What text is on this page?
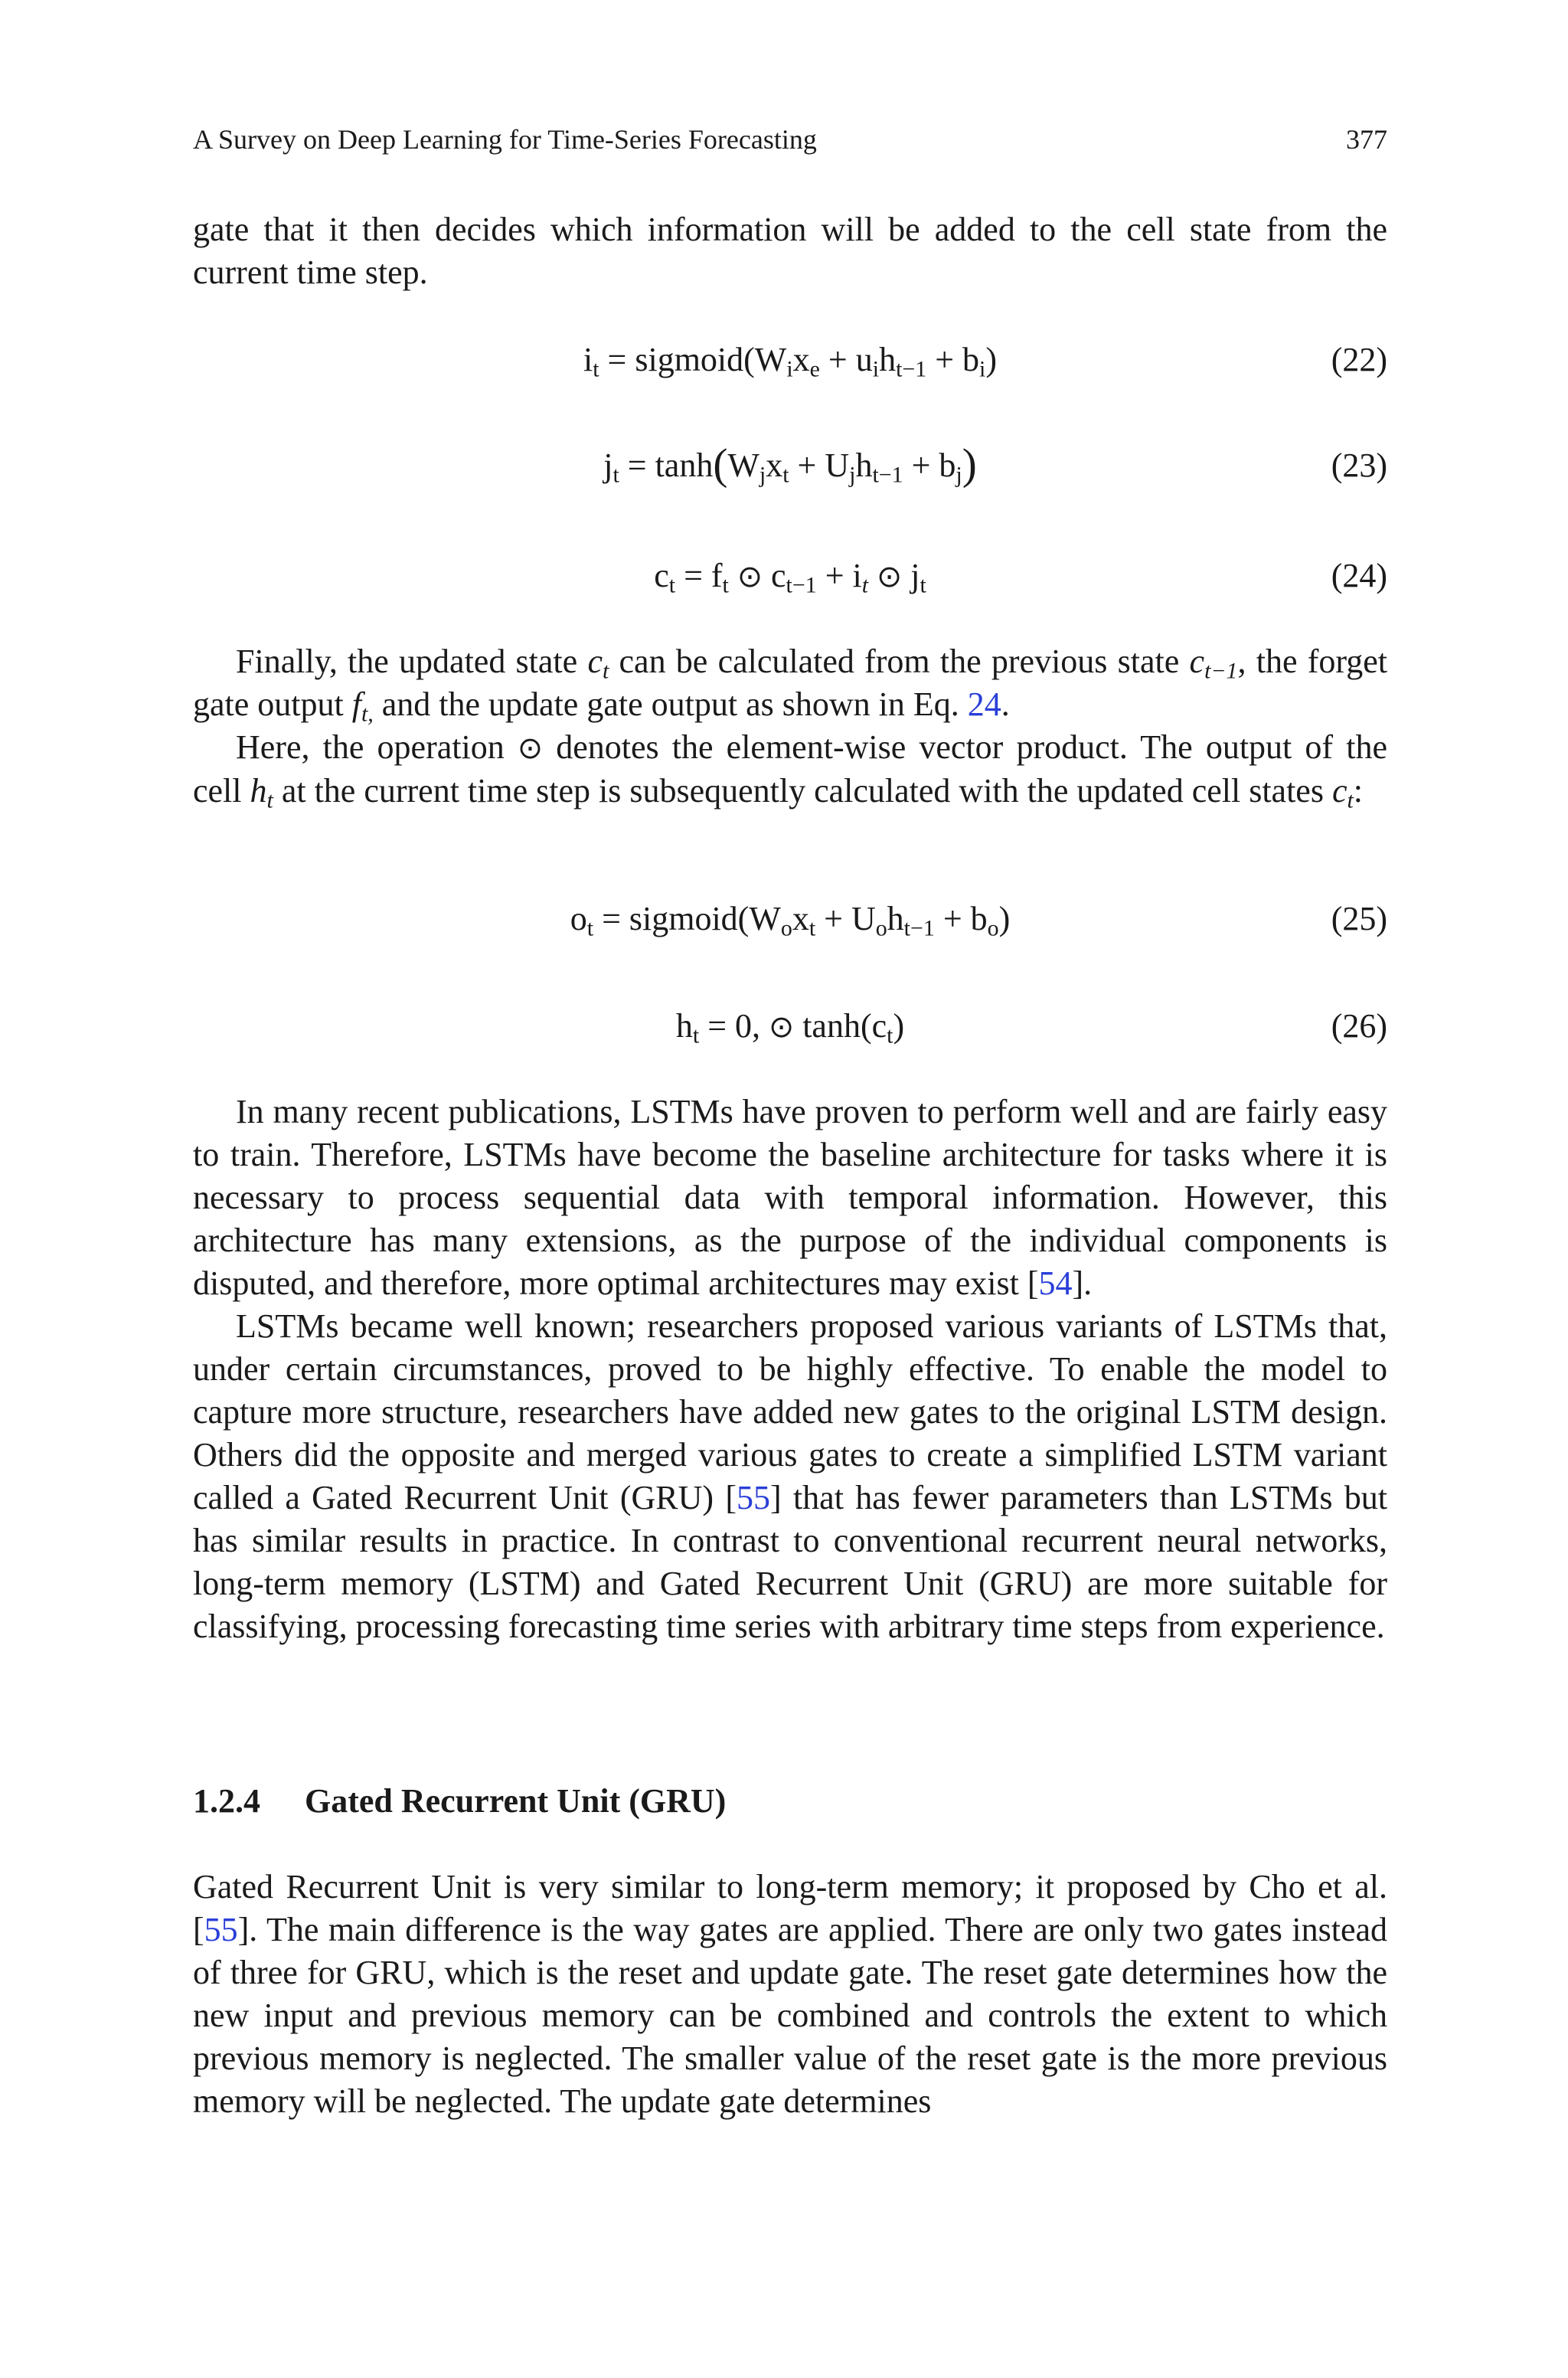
A Survey on Deep Learning for Time-Series Forecasting	377

gate that it then decides which information will be added to the cell state from the current time step.

$i_t$ = $sigmoid(W_ix_e + u_ih_{t-1} + b_i)$	(22)
$j_t = \tanh(W_jx_t + U_jh_{t-1} + b_j)$	(23)
$c_t = f_t$ ⊙ $c_{t-1} + i_t$ ⊙ $j_t$	(24)

Finally, the updated state $c_t$ can be calculated from the previous state $c_{t-1}$, the forget gate output $f_{t,}$ and the update gate output as shown in Eq. 24.

Here, the operation ⊙ denotes the element-wise vector product. The output of the cell $h_t$ at the current time step is subsequently calculated with the updated cell states $c_t$:

$o_t$ = $sigmoid(W_ox_t + U_oh_{t-1} + b_o)$	(25)
$h_t = 0$, ⊙ $\tanh(c_t)$	(26)

In many recent publications, LSTMs have proven to perform well and are fairly easy to train. Therefore, LSTMs have become the baseline architecture for tasks where it is necessary to process sequential data with temporal information. However, this architecture has many extensions, as the purpose of the individual components is disputed, and therefore, more optimal architectures may exist [54].

LSTMs became well known; researchers proposed various variants of LSTMs that, under certain circumstances, proved to be highly effective. To enable the model to capture more structure, researchers have added new gates to the original LSTM design. Others did the opposite and merged various gates to create a simplified LSTM variant called a Gated Recurrent Unit (GRU) [55] that has fewer parameters than LSTMs but has similar results in practice. In contrast to conventional recurrent neural networks, long-term memory (LSTM) and Gated Recurrent Unit (GRU) are more suitable for classifying, processing forecasting time series with arbitrary time steps from experience.

1.2.4 Gated Recurrent Unit (GRU)

Gated Recurrent Unit is very similar to long-term memory; it proposed by Cho et al. [55]. The main difference is the way gates are applied. There are only two gates instead of three for GRU, which is the reset and update gate. The reset gate determines how the new input and previous memory can be combined and controls the extent to which previous memory is neglected. The smaller value of the reset gate is the more previous memory will be neglected. The update gate determines
